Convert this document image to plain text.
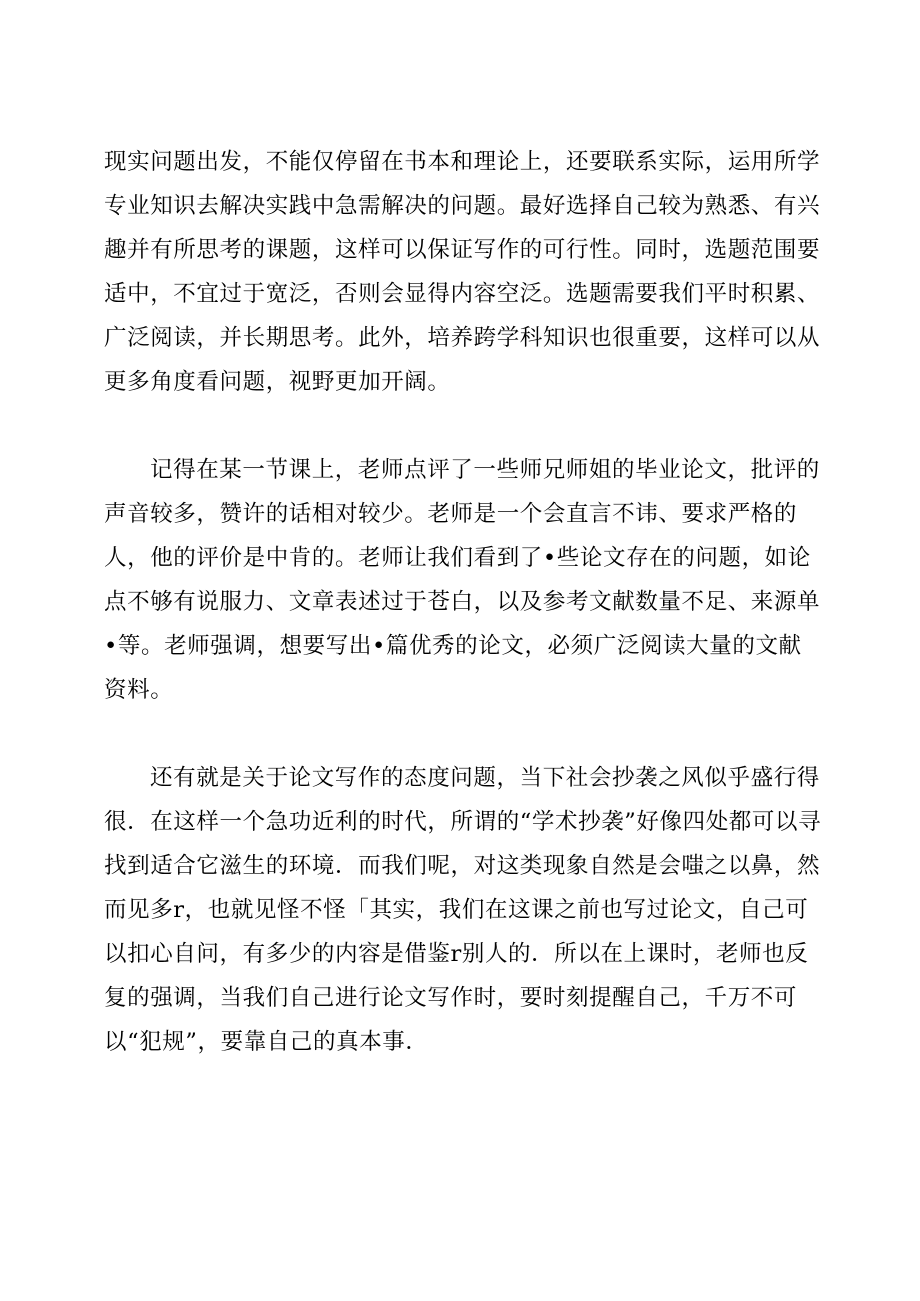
现实问题出发，不能仅停留在书本和理论上，还要联系实际，运用所学专业知识去解决实践中急需解决的问题。最好选择自己较为熟悉、有兴趣并有所思考的课题，这样可以保证写作的可行性。同时，选题范围要适中，不宜过于宽泛，否则会显得内容空泛。选题需要我们平时积累、广泛阅读，并长期思考。此外，培养跨学科知识也很重要，这样可以从更多角度看问题，视野更加开阔。

记得在某一节课上，老师点评了一些师兄师姐的毕业论文，批评的声音较多，赞许的话相对较少。老师是一个会直言不讳、要求严格的人，他的评价是中肯的。老师让我们看到了•些论文存在的问题，如论点不够有说服力、文章表述过于苍白，以及参考文献数量不足、来源单•等。老师强调，想要写出•篇优秀的论文，必须广泛阅读大量的文献资料。

还有就是关于论文写作的态度问题，当下社会抄袭之风似乎盛行得很．在这样一个急功近利的时代，所谓的“学术抄袭”好像四处都可以寻找到适合它滋生的环境．而我们呢，对这类现象自然是会嗤之以鼻，然而见多r，也就见怪不怪「其实，我们在这课之前也写过论文，自己可以扣心自问，有多少的内容是借鉴r别人的．所以在上课时，老师也反复的强调，当我们自己进行论文写作时，要时刻提醒自己，千万不可以“犯规”，要靠自己的真本事．
